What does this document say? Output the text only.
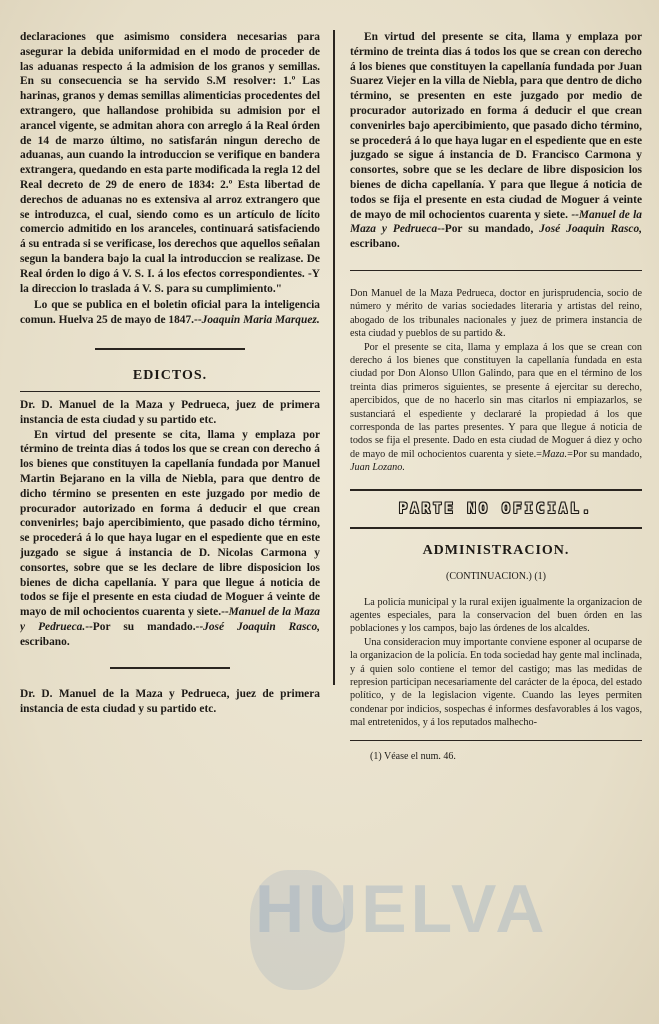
HUELVA

declaraciones que asimismo considera necesarias para asegurar la debida uniformidad en el modo de proceder de las aduanas respecto á la admision de los granos y semillas. En su consecuencia se ha servido S.M resolver: 1.º Las harinas, granos y demas semillas alimenticias procedentes del extrangero, que hallandose prohibida su admision por el arancel vigente, se admitan ahora con arreglo á la Real órden de 14 de marzo último, no satisfarán ningun derecho de aduanas, aun cuando la introduccion se verifique en bandera extrangera, quedando en esta parte modificada la regla 12 del Real decreto de 29 de enero de 1834: 2.º Esta libertad de derechos de aduanas no es extensiva al arroz extrangero que se introduzca, el cual, siendo como es un artículo de lícito comercio admitido en los aranceles, continuará satisfaciendo á su entrada si se verificase, los derechos que aquellos señalan segun la bandera bajo la cual la introduccion se realizase. De Real órden lo digo á V. S. I. á los efectos correspondientes. -Y la direccion lo traslada á V. S. para su cumplimiento."

Lo que se publica en el boletin oficial para la inteligencia comun. Huelva 25 de mayo de 1847.--Joaquin Maria Marquez.

EDICTOS.

Dr. D. Manuel de la Maza y Pedrueca, juez de primera instancia de esta ciudad y su partido etc.

En virtud del presente se cita, llama y emplaza por término de treinta dias á todos los que se crean con derecho á los bienes que constituyen la capellanía fundada por Manuel Martin Bejarano en la villa de Niebla, para que dentro de dicho término se presenten en este juzgado por medio de procurador autorizado en forma á deducir el que crean convenirles; bajo apercibimiento, que pasado dicho término, se procederá á lo que haya lugar en el espediente que en este juzgado se sigue á instancia de D. Nicolas Carmona y consortes, sobre que se les declare de libre disposicion los bienes de dicha capellanía. Y para que llegue á noticia de todos se fije el presente en esta ciudad de Moguer á veinte de mayo de mil ochocientos cuarenta y siete.--Manuel de la Maza y Pedrueca.--Por su mandado.--José Joaquin Rasco, escribano.

Dr. D. Manuel de la Maza y Pedrueca, juez de primera instancia de esta ciudad y su partido etc.

En virtud del presente se cita, llama y emplaza por término de treinta dias á todos los que se crean con derecho á los bienes que constituyen la capellanía fundada por Juan Suarez Viejer en la villa de Niebla, para que dentro de dicho término, se presenten en este juzgado por medio de procurador autorizado en forma á deducir el que crean convenirles bajo apercibimiento, que pasado dicho término, se procederá á lo que haya lugar en el espediente que en este juzgado se sigue á instancia de D. Francisco Carmona y consortes, sobre que se les declare de libre disposicion los bienes de dicha capellanía. Y para que llegue á noticia de todos se fija el presente en esta ciudad de Moguer á veinte de mayo de mil ochocientos cuarenta y siete. --Manuel de la Maza y Pedrueca--Por su mandado, José Joaquin Rasco, escribano.

Don Manuel de la Maza Pedrueca, doctor en jurisprudencia, socio de número y mérito de varias sociedades literaria y artistas del reino, abogado de los tribunales nacionales y juez de primera instancia de esta ciudad y pueblos de su partido &.

Por el presente se cita, llama y emplaza á los que se crean con derecho á los bienes que constituyen la capellanía fundada en esta ciudad por Don Alonso Ullon Galindo, para que en el término de los treinta dias primeros siguientes, se presente á ejercitar su derecho, apercibidos, que de no hacerlo sin mas citarlos ni empiazarlos, se sustanciará el espediente y declararé la propiedad á los que corresponda de las partes presentes. Y para que llegue á noticia de todos se fija el presente. Dado en esta ciudad de Moguer á diez y ocho de mayo de mil ochocientos cuarenta y siete.=Maza.=Por su mandado, Juan Lozano.

PARTE NO OFICIAL.
ADMINISTRACION.
(CONTINUACION.) (1)

La policía municipal y la rural exijen igualmente la organizacion de agentes especiales, para la conservacion del buen órden en las poblaciones y los campos, bajo las órdenes de los alcaldes.

Una consideracion muy importante conviene esponer al ocuparse de la organizacion de la policía. En toda sociedad hay gente mal inclinada, y á quien solo contiene el temor del castigo; mas las medidas de represion participan necesariamente del carácter de la época, del estado político, y de la legislacion vigente. Cuando las leyes permiten condenar por indicios, sospechas é informes desfavorables á los vagos, mal entretenidos, y á los reputados malhecho-

(1) Véase el num. 46.
